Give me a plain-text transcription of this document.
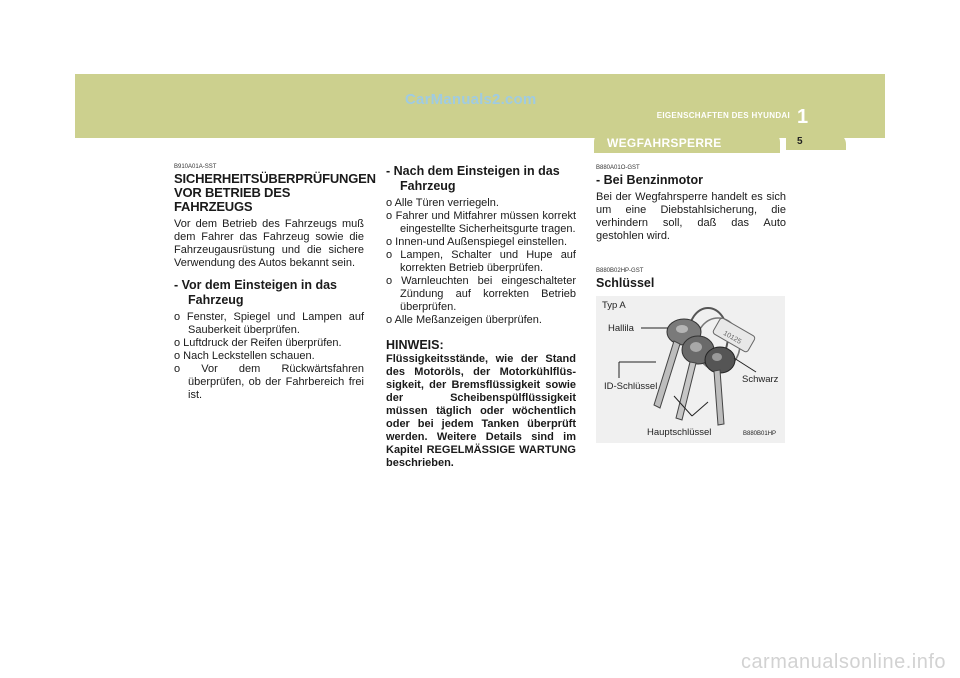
CarManuals2.com
EIGENSCHAFTEN DES HYUNDAI 1
5
WEGFAHRSPERRE
B910A01A-SST
SICHERHEITSÜBERPRÜFUNGEN VOR BETRIEB DES FAHRZEUGS
Vor dem Betrieb des Fahrzeugs muß dem Fahrer das Fahrzeug sowie die Fahrzeugausrüstung und die sichere Verwendung des Autos bekannt sein.
- Vor dem Einsteigen in das Fahrzeug
o Fenster, Spiegel und Lampen auf Sauberkeit überprüfen.
o Luftdruck der Reifen überprüfen.
o Nach Leckstellen schauen.
o Vor dem Rückwärtsfahren überprüfen, ob der Fahrbereich frei ist.
- Nach dem Einsteigen in das Fahrzeug
o Alle Türen verriegeln.
o Fahrer und Mitfahrer müssen korrekt eingestellte Sicherheitsgurte tragen.
o Innen-und Außenspiegel einstellen.
o Lampen, Schalter und Hupe auf korrekten Betrieb überprüfen.
o Warnleuchten bei eingeschalteter Zündung auf korrekten Betrieb überprüfen.
o Alle Meßanzeigen überprüfen.
HINWEIS:
Flüssigkeitsstände, wie der Stand des Motoröls, der Motorkühlflüs- sigkeit, der Bremsflüssigkeit sowie der Scheibenspülflüssigkeit müssen täglich oder wöchentlich oder bei jedem Tanken überprüft werden. Weitere Details sind im Kapitel REGELMÄSSIGE WARTUNG beschrieben.
B880A01O-GST
- Bei Benzinmotor
Bei der Wegfahrsperre handelt es sich um eine Diebstahlsicherung, die verhindern soll, daß das Auto gestohlen wird.
B880B02HP-GST
Schlüssel
10125
Typ A
Hallila
ID-Schlüssel
Schwarz
Hauptschlüssel	B880B01HP
carmanualsonline.info
